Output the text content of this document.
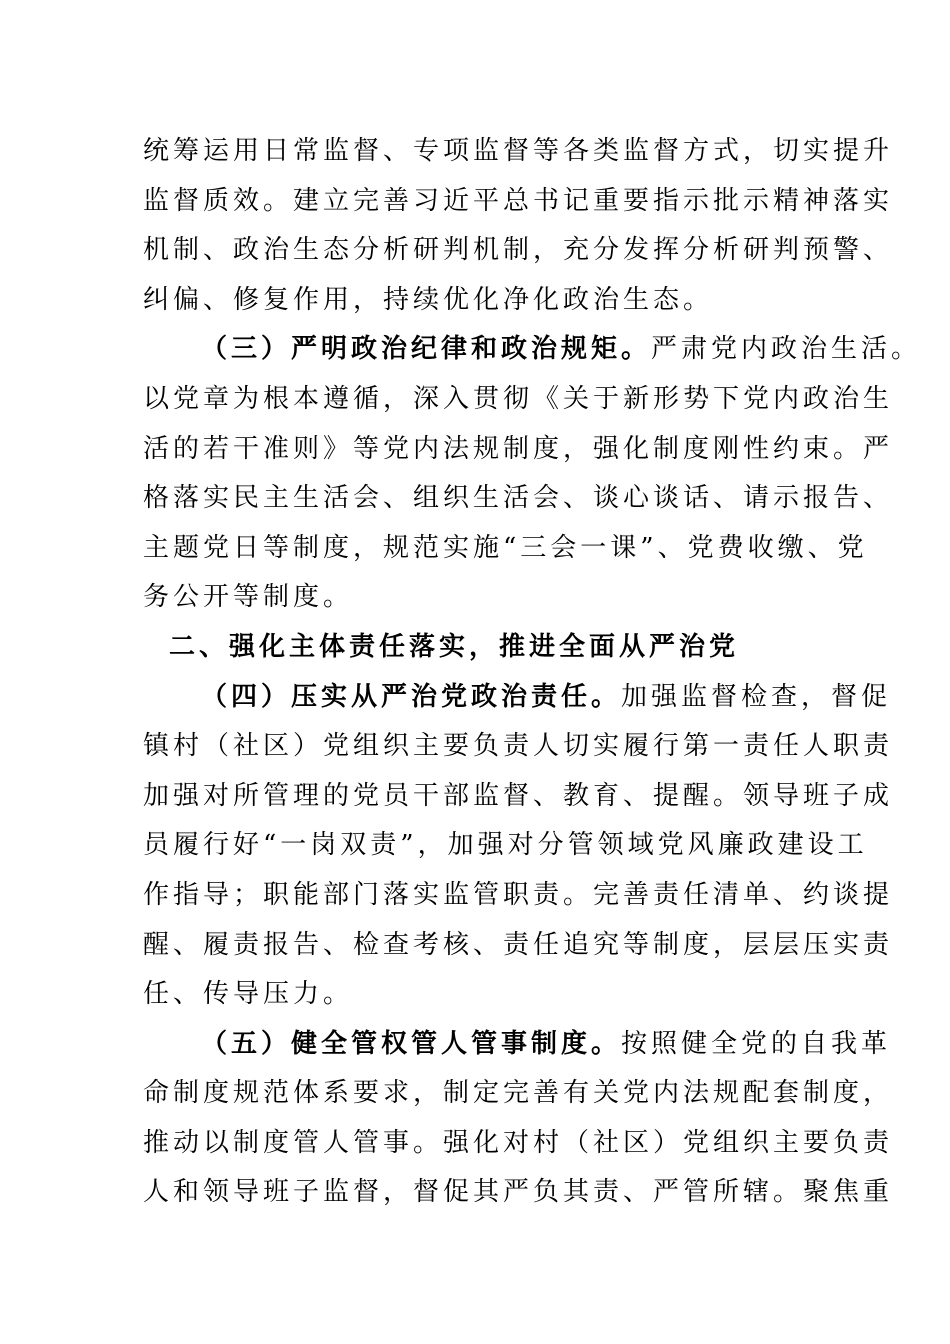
统筹运用日常监督、专项监督等各类监督方式，切实提升
监督质效。建立完善习近平总书记重要指示批示精神落实
机制、政治生态分析研判机制，充分发挥分析研判预警、
纠偏、修复作用，持续优化净化政治生态。
（三）严明政治纪律和政治规矩。严肃党内政治生活。
以党章为根本遵循，深入贯彻《关于新形势下党内政治生
活的若干准则》等党内法规制度，强化制度刚性约束。严
格落实民主生活会、组织生活会、谈心谈话、请示报告、
主题党日等制度，规范实施“三会一课”、党费收缴、党
务公开等制度。
二、强化主体责任落实，推进全面从严治党
（四）压实从严治党政治责任。加强监督检查，督促
镇村（社区）党组织主要负责人切实履行第一责任人职责
加强对所管理的党员干部监督、教育、提醒。领导班子成
员履行好“一岗双责”，加强对分管领域党风廉政建设工
作指导；职能部门落实监管职责。完善责任清单、约谈提
醒、履责报告、检查考核、责任追究等制度，层层压实责
任、传导压力。
（五）健全管权管人管事制度。按照健全党的自我革
命制度规范体系要求，制定完善有关党内法规配套制度，
推动以制度管人管事。强化对村（社区）党组织主要负责
人和领导班子监督，督促其严负其责、严管所辖。聚焦重
